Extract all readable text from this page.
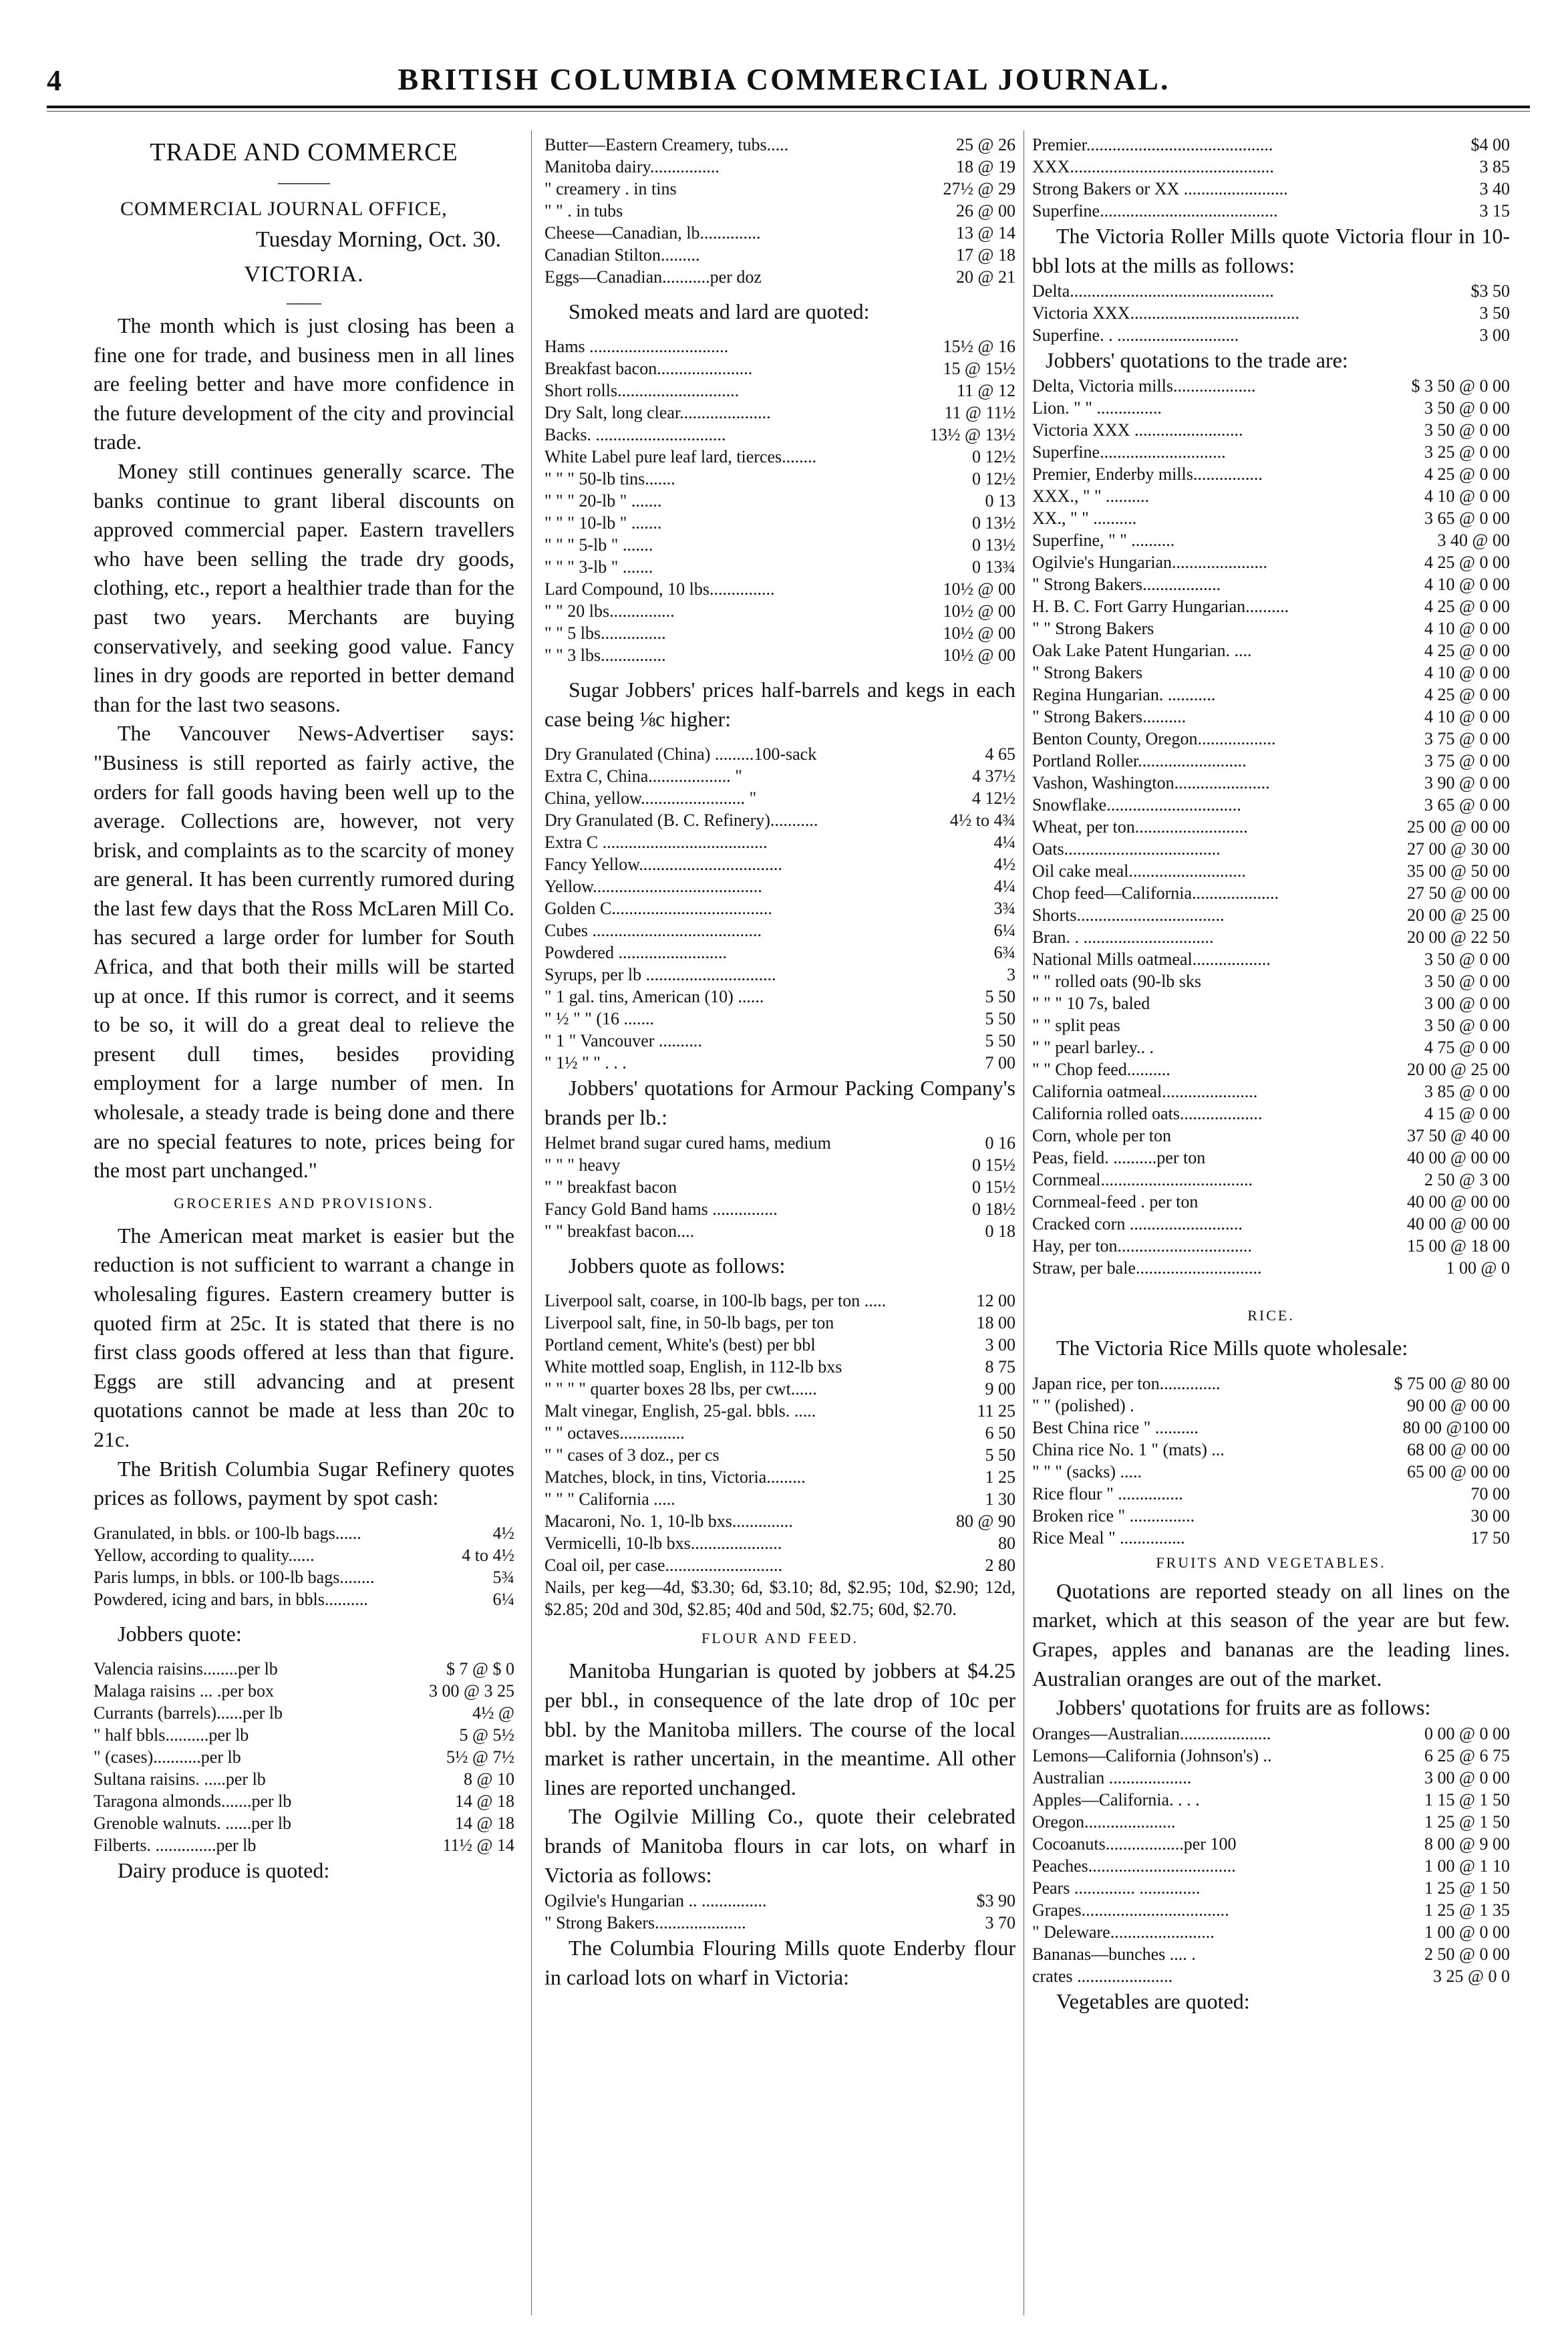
4	BRITISH COLUMBIA COMMERCIAL JOURNAL.
TRADE AND COMMERCE
———
COMMERCIAL JOURNAL OFFICE,
Tuesday Morning, Oct. 30.
VICTORIA.
——

The month which is just closing has been a fine one for trade, and business men in all lines are feeling better and have more confidence in the future development of the city and provincial trade.

Money still continues generally scarce. The banks continue to grant liberal discounts on approved commercial paper. Eastern travellers who have been selling the trade dry goods, clothing, etc., report a healthier trade than for the past two years. Merchants are buying conservatively, and seeking good value. Fancy lines in dry goods are reported in better demand than for the last two seasons.

The Vancouver News-Advertiser says: "Business is still reported as fairly active, the orders for fall goods having been well up to the average. Collections are, however, not very brisk, and complaints as to the scarcity of money are general. It has been currently rumored during the last few days that the Ross McLaren Mill Co. has secured a large order for lumber for South Africa, and that both their mills will be started up at once. If this rumor is correct, and it seems to be so, it will do a great deal to relieve the present dull times, besides providing employment for a large number of men. In wholesale, a steady trade is being done and there are no special features to note, prices being for the most part unchanged."

GROCERIES AND PROVISIONS.

The American meat market is easier but the reduction is not sufficient to warrant a change in wholesaling figures. Eastern creamery butter is quoted firm at 25c. It is stated that there is no first class goods offered at less than that figure. Eggs are still advancing and at present quotations cannot be made at less than 20c to 21c.

The British Columbia Sugar Refinery quotes prices as follows, payment by spot cash:

Granulated, in bbls. or 100-lb bags......	4½
Yellow, according to quality......	4 to 4½
Paris lumps, in bbls. or 100-lb bags........	5¾
Powdered, icing and bars, in bbls..........	6¼
Jobbers quote:
Valencia raisins........per lb	$ 7 @ $ 0
Malaga raisins ... .per box	3 00 @ 3 25
Currants (barrels)......per lb	4½ @
" half bbls..........per lb	5 @ 5½
" (cases)...........per lb	5½ @ 7½
Sultana raisins. .....per lb	8 @ 10
Taragona almonds.......per lb	14 @ 18
Grenoble walnuts. ......per lb	14 @ 18
Filberts. ..............per lb	11½ @ 14
Dairy produce is quoted:
Butter—Eastern Creamery, tubs.....	25 @ 26
Manitoba dairy................	18 @ 19
" creamery . in tins	27½ @ 29
" " . in tubs	26 @ 00
Cheese—Canadian, lb..............	13 @ 14
Canadian Stilton.........	17 @ 18
Eggs—Canadian...........per doz	20 @ 21
Smoked meats and lard are quoted:
Hams ................................	15½ @ 16
Breakfast bacon......................	15 @ 15½
Short rolls............................	11 @ 12
Dry Salt, long clear.....................	11 @ 11½
Backs. ..............................	13½ @ 13½
White Label pure leaf lard, tierces........	0 12½
" " " 50-lb tins.......	0 12½
" " " 20-lb " .......	0 13
" " " 10-lb " .......	0 13½
" " " 5-lb " .......	0 13½
" " " 3-lb " .......	0 13¾
Lard Compound, 10 lbs...............	10½ @ 00
" " 20 lbs...............	10½ @ 00
" " 5 lbs...............	10½ @ 00
" " 3 lbs...............	10½ @ 00

Sugar Jobbers' prices half-barrels and kegs in each case being ⅛c higher:

Dry Granulated (China) .........100-sack	4 65
Extra C, China................... "	4 37½
China, yellow........................ "	4 12½
Dry Granulated (B. C. Refinery)...........	4½ to 4¾
Extra C ......................................	4¼
Fancy Yellow.................................	4½
Yellow.......................................	4¼
Golden C.....................................	3¾
Cubes .......................................	6¼
Powdered .........................	6¾
Syrups, per lb ..............................	3
" 1 gal. tins, American (10) ......	5 50
" ½ " " (16 .......	5 50
" 1 " Vancouver ..........	5 50
" 1½ " " . . .	7 00

Jobbers' quotations for Armour Packing Company's brands per lb.:

Helmet brand sugar cured hams, medium	0 16
" " " heavy	0 15½
" " breakfast bacon	0 15½
Fancy Gold Band hams ...............	0 18½
" " breakfast bacon....	0 18
Jobbers quote as follows:
Liverpool salt, coarse, in 100-lb bags, per ton .....	12 00
Liverpool salt, fine, in 50-lb bags, per ton	18 00
Portland cement, White's (best) per bbl	3 00
White mottled soap, English, in 112-lb bxs	8 75
" " " " quarter boxes 28 lbs, per cwt......	9 00
Malt vinegar, English, 25-gal. bbls. .....	11 25
" " octaves...............	6 50
" " cases of 3 doz., per cs	5 50
Matches, block, in tins, Victoria.........	1 25
" " " California .....	1 30
Macaroni, No. 1, 10-lb bxs..............	80 @ 90
Vermicelli, 10-lb bxs.....................	80
Coal oil, per case...........................	2 80
Nails, per keg—4d, $3.30; 6d, $3.10; 8d, $2.95; 10d, $2.90; 12d, $2.85; 20d and 30d, $2.85; 40d and 50d, $2.75; 60d, $2.70.
FLOUR AND FEED.

Manitoba Hungarian is quoted by jobbers at $4.25 per bbl., in consequence of the late drop of 10c per bbl. by the Manitoba millers. The course of the local market is rather uncertain, in the meantime. All other lines are reported unchanged.

The Ogilvie Milling Co., quote their celebrated brands of Manitoba flours in car lots, on wharf in Victoria as follows:

Ogilvie's Hungarian .. ...............	$3 90
" Strong Bakers.....................	3 70

The Columbia Flouring Mills quote Enderby flour in carload lots on wharf in Victoria:

Premier...........................................	$4 00
XXX...............................................	3 85
Strong Bakers or XX ........................	3 40
Superfine.........................................	3 15

The Victoria Roller Mills quote Victoria flour in 10-bbl lots at the mills as follows:

Delta...............................................	$3 50
Victoria XXX.......................................	3 50
Superfine. . ............................	3 00
Jobbers' quotations to the trade are:
Delta, Victoria mills...................	$ 3 50 @ 0 00
Lion. " " ...............	3 50 @ 0 00
Victoria XXX .........................	3 50 @ 0 00
Superfine.............................	3 25 @ 0 00
Premier, Enderby mills................	4 25 @ 0 00
XXX., " " ..........	4 10 @ 0 00
XX., " " ..........	3 65 @ 0 00
Superfine, " " ..........	3 40 @ 00
Ogilvie's Hungarian......................	4 25 @ 0 00
" Strong Bakers..................	4 10 @ 0 00
H. B. C. Fort Garry Hungarian..........	4 25 @ 0 00
" " Strong Bakers	4 10 @ 0 00
Oak Lake Patent Hungarian. ....	4 25 @ 0 00
" Strong Bakers	4 10 @ 0 00
Regina Hungarian. ...........	4 25 @ 0 00
" Strong Bakers..........	4 10 @ 0 00
Benton County, Oregon..................	3 75 @ 0 00
Portland Roller.........................	3 75 @ 0 00
Vashon, Washington......................	3 90 @ 0 00
Snowflake...............................	3 65 @ 0 00
Wheat, per ton..........................	25 00 @ 00 00
Oats....................................	27 00 @ 30 00
Oil cake meal...........................	35 00 @ 50 00
Chop feed—California....................	27 50 @ 00 00
Shorts..................................	20 00 @ 25 00
Bran. . ..............................	20 00 @ 22 50
National Mills oatmeal..................	3 50 @ 0 00
" " rolled oats (90-lb sks	3 50 @ 0 00
" " " 10 7s, baled	3 00 @ 0 00
" " split peas	3 50 @ 0 00
" " pearl barley.. .	4 75 @ 0 00
" " Chop feed..........	20 00 @ 25 00
California oatmeal......................	3 85 @ 0 00
California rolled oats...................	4 15 @ 0 00
Corn, whole per ton	37 50 @ 40 00
Peas, field. ..........per ton	40 00 @ 00 00
Cornmeal...................................	2 50 @ 3 00
Cornmeal-feed . per ton	40 00 @ 00 00
Cracked corn ..........................	40 00 @ 00 00
Hay, per ton...............................	15 00 @ 18 00
Straw, per bale.............................	1 00 @ 0
RICE.

The Victoria Rice Mills quote wholesale:

Japan rice, per ton..............	$ 75 00 @ 80 00
" " (polished) .	90 00 @ 00 00
Best China rice " ..........	80 00 @100 00
China rice No. 1 " (mats) ...	68 00 @ 00 00
" " " (sacks) .....	65 00 @ 00 00
Rice flour " ...............	70 00
Broken rice " ...............	30 00
Rice Meal " ...............	17 50
FRUITS AND VEGETABLES.

Quotations are reported steady on all lines on the market, which at this season of the year are but few. Grapes, apples and bananas are the leading lines. Australian oranges are out of the market.

Jobbers' quotations for fruits are as follows:

Oranges—Australian.....................	0 00 @ 0 00
Lemons—California (Johnson's) ..	6 25 @ 6 75
Australian ...................	3 00 @ 0 00
Apples—California. . . .	1 15 @ 1 50
Oregon.....................	1 25 @ 1 50
Cocoanuts..................per 100	8 00 @ 9 00
Peaches..................................	1 00 @ 1 10
Pears .............. ..............	1 25 @ 1 50
Grapes..................................	1 25 @ 1 35
" Deleware........................	1 00 @ 0 00
Bananas—bunches .... .	2 50 @ 0 00
crates ......................	3 25 @ 0 0
Vegetables are quoted:
